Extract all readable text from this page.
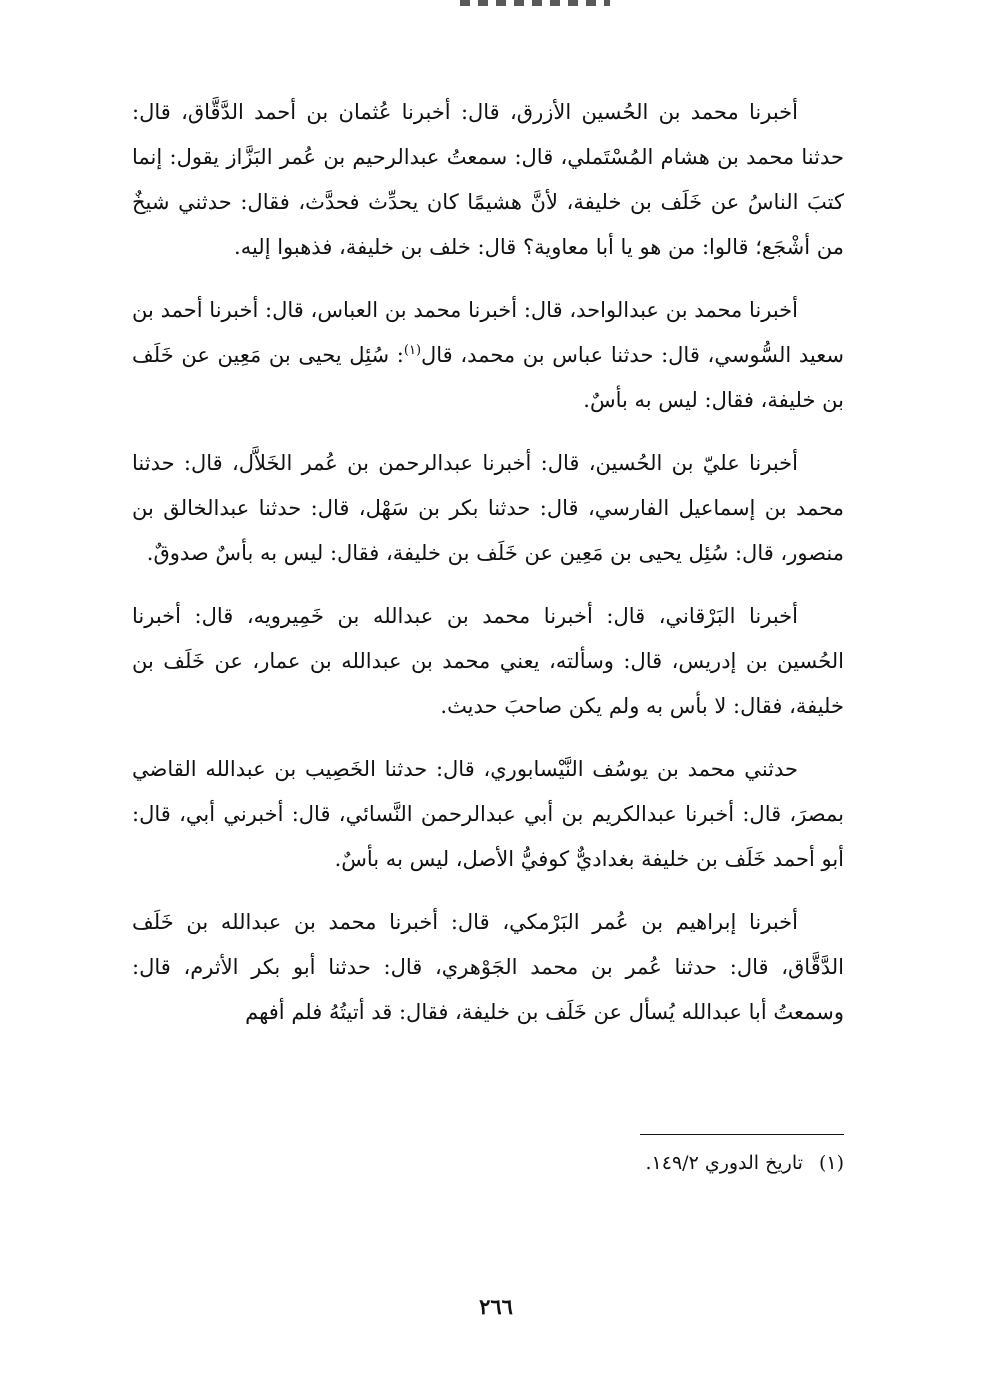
أخبرنا محمد بن الحُسين الأزرق، قال: أخبرنا عُثمان بن أحمد الدَّقَّاق، قال: حدثنا محمد بن هشام المُسْتَملي، قال: سمعتُ عبدالرحيم بن عُمر البَزَّاز يقول: إنما كتبَ الناسُ عن خَلَف بن خليفة، لأنَّ هشيمًا كان يحدِّث فحدَّث، فقال: حدثني شيخٌ من أشْجَع؛ قالوا: من هو يا أبا معاوية؟ قال: خلف بن خليفة، فذهبوا إليه.

أخبرنا محمد بن عبدالواحد، قال: أخبرنا محمد بن العباس، قال: أخبرنا أحمد بن سعيد السُّوسي، قال: حدثنا عباس بن محمد، قال$^{(١)}$: سُئِل يحيى بن مَعِين عن خَلَف بن خليفة، فقال: ليس به بأسٌ.

أخبرنا عليّ بن الحُسين، قال: أخبرنا عبدالرحمن بن عُمر الخَلاَّل، قال: حدثنا محمد بن إسماعيل الفارسي، قال: حدثنا بكر بن سَهْل، قال: حدثنا عبدالخالق بن منصور، قال: سُئِل يحيى بن مَعِين عن خَلَف بن خليفة، فقال: ليس به بأسٌ صدوقٌ.

أخبرنا البَرْقاني، قال: أخبرنا محمد بن عبدالله بن خَمِيرويه، قال: أخبرنا الحُسين بن إدريس، قال: وسألته، يعني محمد بن عبدالله بن عمار، عن خَلَف بن خليفة، فقال: لا بأس به ولم يكن صاحبَ حديث.

حدثني محمد بن يوسُف النَّيْسابوري، قال: حدثنا الخَصِيب بن عبدالله القاضي بمصرَ، قال: أخبرنا عبدالكريم بن أبي عبدالرحمن النَّسائي، قال: أخبرني أبي، قال: أبو أحمد خَلَف بن خليفة بغداديٌّ كوفيُّ الأصل، ليس به بأسٌ.

أخبرنا إبراهيم بن عُمر البَرْمكي، قال: أخبرنا محمد بن عبدالله بن خَلَف الدَّقَّاق، قال: حدثنا عُمر بن محمد الجَوْهري، قال: حدثنا أبو بكر الأثرم، قال: وسمعتُ أبا عبدالله يُسأل عن خَلَف بن خليفة، فقال: قد أتيتُهُ فلم أفهم

(١)تاريخ الدوري ١٤٩/٢.
٢٦٦
